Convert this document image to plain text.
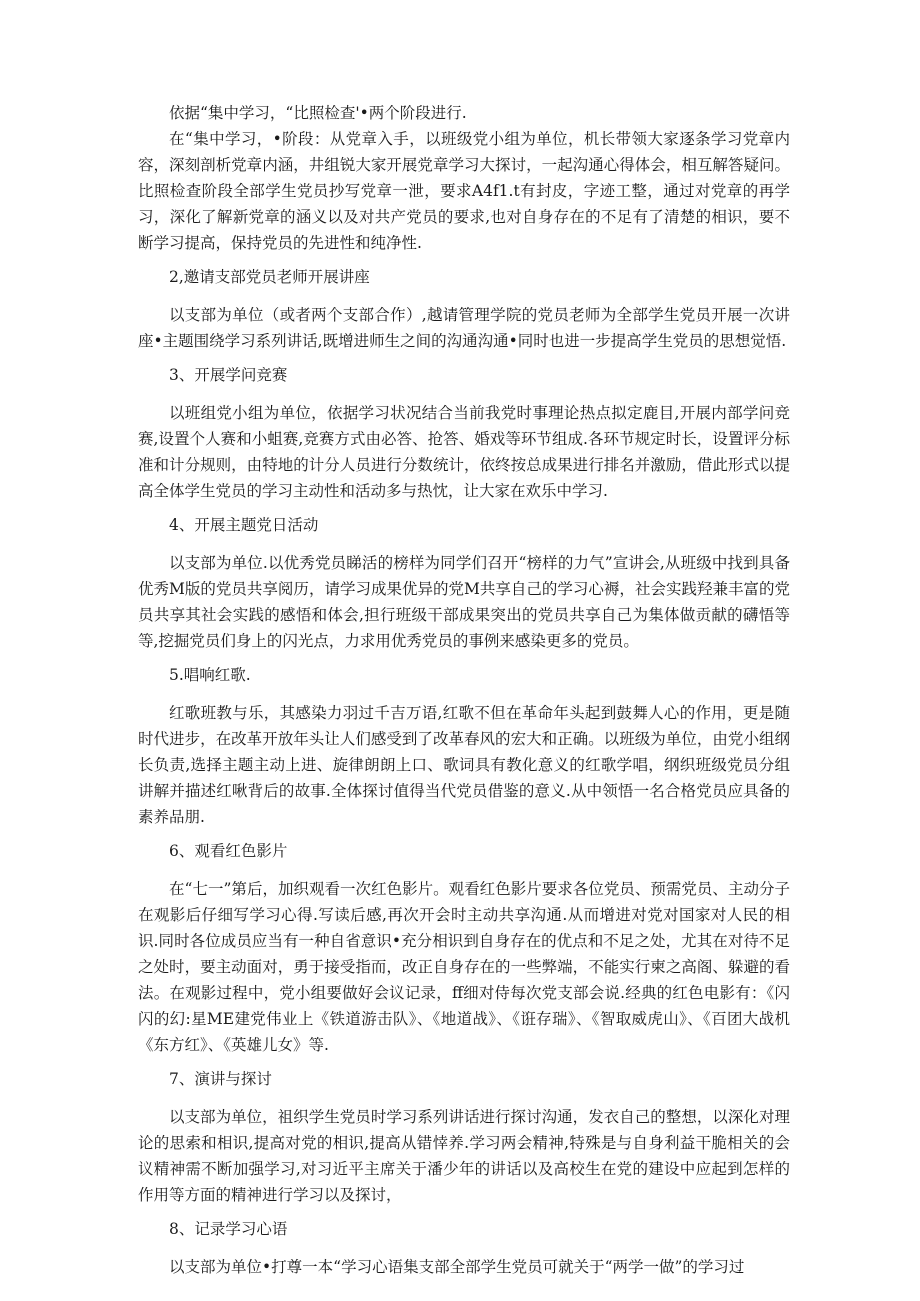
依据“集中学习，“比照检查'•两个阶段进行.

在“集中学习，•阶段：从党章入手，以班级党小组为单位，机长带领大家逐条学习党章内容，深刻剖析党章内涵，井组锐大家开展党章学习大探讨，一起沟通心得体会，相互解答疑问。比照检查阶段全部学生党员抄写党章一泄，要求A4f1.t有封皮，字迹工整，通过对党章的再学习，深化了解新党章的涵义以及对共产党员的要求,也对自身存在的不足有了清楚的相识，要不断学习提高，保持党员的先进性和纯净性.

2,邀请支部党员老师开展讲座

以支部为单位（或者两个支部合作）,越请管理学院的党员老师为全部学生党员开展一次讲座•主题围绕学习系列讲话,既增进师生之间的沟通沟通•同时也进一步提高学生党员的思想觉悟.

3、开展学问竞赛

以班组党小组为单位，依据学习状况结合当前我党时事理论热点拟定鹿目,开展内部学问竞赛,设置个人赛和小蛆赛,竞赛方式由必答、抢答、婚戏等环节组成.各环节规定时长，设置评分标准和计分规则，由特地的计分人员进行分数统计，依终按总成果进行排名并激励，借此形式以提高全体学生党员的学习主动性和活动多与热忱，让大家在欢乐中学习.

4、开展主题党日活动

以支部为单位.以优秀党员睇活的榜样为同学们召开“榜样的力气”宣讲会,从班级中找到具备优秀M版的党员共享阅历，请学习成果优异的党M共享自己的学习心褥，社会实践羟兼丰富的党员共享其社会实践的感悟和体会,担行班级干部成果突出的党员共享自己为集体做贡献的礴悟等等,挖掘党员们身上的闪光点，力求用优秀党员的事例来感染更多的党员。

5.唱响红歌.

红歌班教与乐，其感染力羽过千吉万语,红歌不但在革命年头起到鼓舞人心的作用，更是随时代进步，在改革开放年头让人们感受到了改革春风的宏大和正确。以班级为单位，由党小组纲长负责,选择主题主动上进、旋律朗朗上口、歌词具有教化意义的红歌学唱，纲织班级党员分组讲解并描述红啾背后的故事.全体探讨值得当代党员借鉴的意义.从中领悟一名合格党员应具备的素养品朋.

6、观看红色影片

在“七一”第后，加织观看一次红色影片。观看红色影片要求各位党员、预需党员、主动分子在观影后仔细写学习心得.写读后感,再次开会时主动共享沟通.从而增进对党对国家对人民的相识.同时各位成员应当有一种自省意识•充分相识到自身存在的优点和不足之处，尤其在对待不足之处时，要主动面对，勇于接受指而，改正自身存在的一些弊端，不能实行柬之高阁、躲避的看法。在观影过程中，党小组要做好会议记录，ff细对侍每次党支部会说.经典的红色电影有：《闪闪的幻:星ME建党伟业上《铁道游击队》、《地道战》、《诳存瑞》、《智取威虎山》、《百团大战机《东方红》、《英雄儿女》等.

7、演讲与探讨

以支部为单位，祖织学生党员时学习系列讲话进行探讨沟通，发衣自己的整想，以深化对理论的思索和相识,提高对党的相识,提高从错悻养.学习两会精神,特殊是与自身利益干脆相关的会议精神需不断加强学习,对习近平主席关于潘少年的讲话以及高校生在党的建设中应起到怎样的作用等方面的精神进行学习以及探讨，

8、记录学习心语

以支部为单位•打尊一本“学习心语集支部全部学生党员可就关于“两学一做”的学习过
